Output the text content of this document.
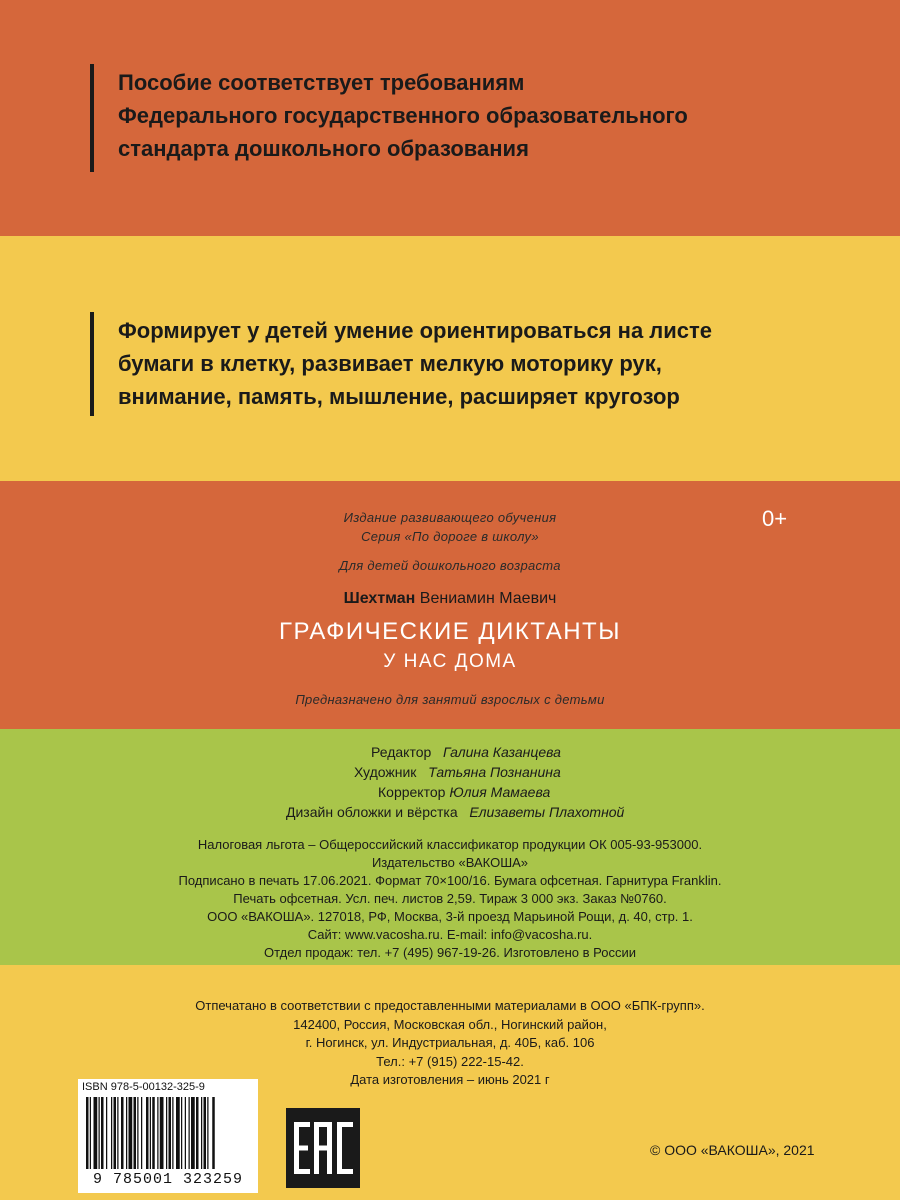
Пособие соответствует требованиям
Федерального государственного образовательного
стандарта дошкольного образования
Формирует у детей умение ориентироваться на листе
бумаги в клетку, развивает мелкую моторику рук,
внимание, память, мышление, расширяет кругозор
Издание развивающего обучения
Серия «По дороге в школу»
0+
Для детей дошкольного возраста
Шехтман Вениамин Маевич
ГРАФИЧЕСКИЕ ДИКТАНТЫ
У НАС ДОМА
Предназначено для занятий взрослых с детьми
Редактор Галина Казанцева
Художник Татьяна Познанина
Корректор Юлия Мамаева
Дизайн обложки и вёрстка Елизаветы Плахотной
Налоговая льгота – Общероссийский классификатор продукции ОК 005-93-953000.
Издательство «ВАКОША»
Подписано в печать 17.06.2021. Формат 70×100/16. Бумага офсетная. Гарнитура Franklin.
Печать офсетная. Усл. печ. листов 2,59. Тираж 3 000 экз. Заказ №0760.
ООО «ВАКОША». 127018, РФ, Москва, 3-й проезд Марьиной Рощи, д. 40, стр. 1.
Сайт: www.vacosha.ru. E-mail: info@vacosha.ru.
Отдел продаж: тел. +7 (495) 967-19-26. Изготовлено в России
Отпечатано в соответствии с предоставленными материалами в ООО «БПК-групп».
142400, Россия, Московская обл., Ногинский район,
г. Ногинск, ул. Индустриальная, д. 40Б, каб. 106
Тел.: +7 (915) 222-15-42.
Дата изготовления – июнь 2021 г
ISBN 978-5-00132-325-9
9 785001 323259
© ООО «ВАКОША», 2021
